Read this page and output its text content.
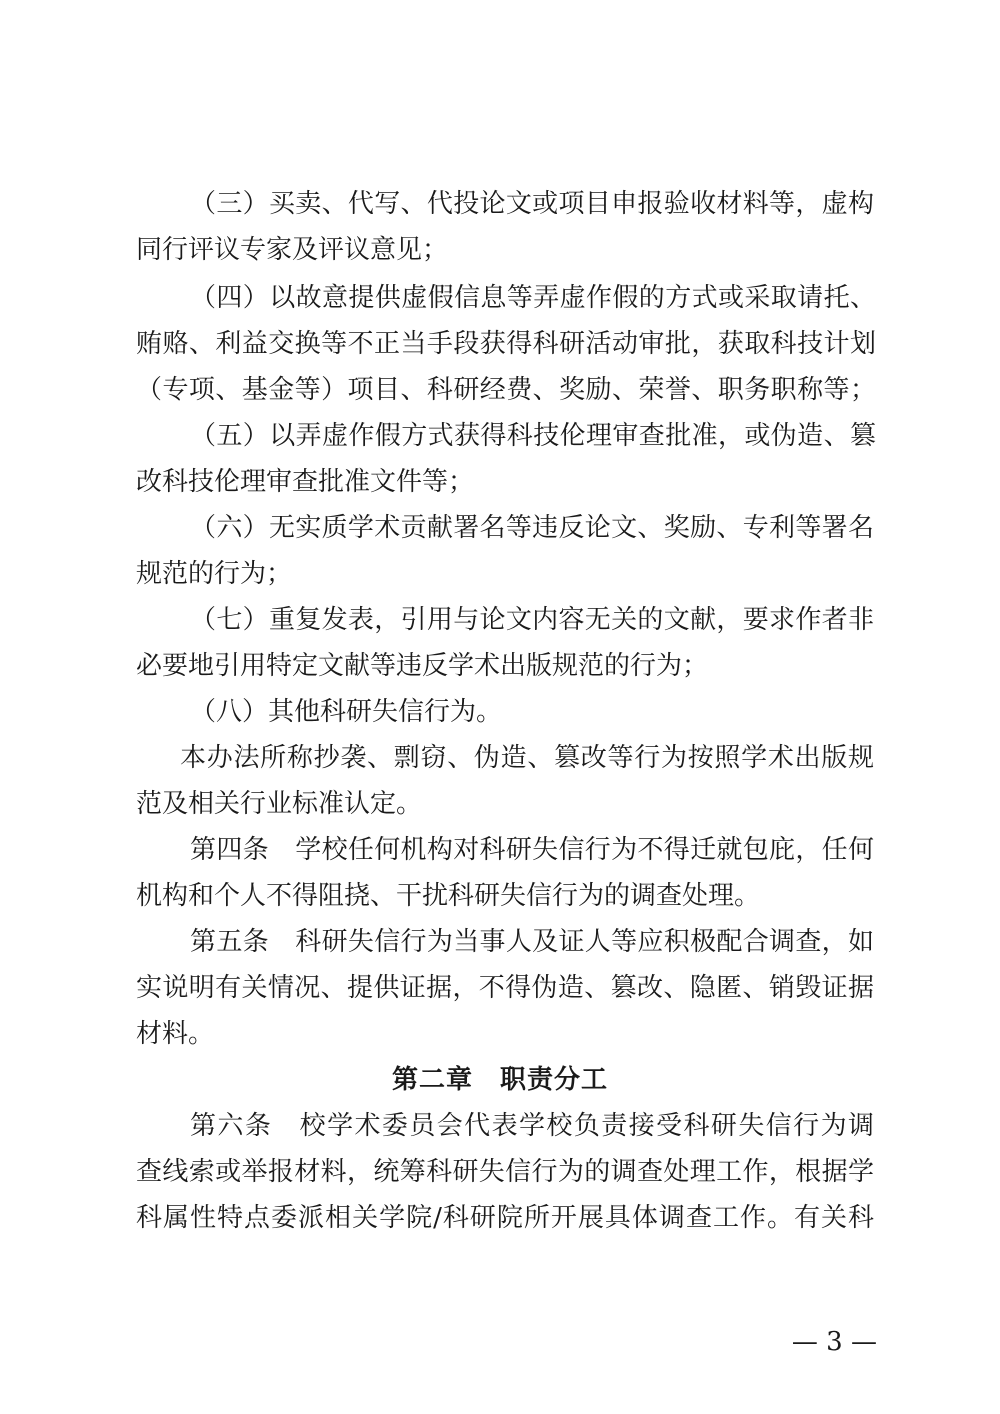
（三）买卖、代写、代投论文或项目申报验收材料等，虚构
同行评议专家及评议意见；
（四）以故意提供虚假信息等弄虚作假的方式或采取请托、
贿赂、利益交换等不正当手段获得科研活动审批，获取科技计划
（专项、基金等）项目、科研经费、奖励、荣誉、职务职称等；
（五）以弄虚作假方式获得科技伦理审查批准，或伪造、篡
改科技伦理审查批准文件等；
（六）无实质学术贡献署名等违反论文、奖励、专利等署名
规范的行为；
（七）重复发表，引用与论文内容无关的文献，要求作者非
必要地引用特定文献等违反学术出版规范的行为；
（八）其他科研失信行为。
本办法所称抄袭、剽窃、伪造、篡改等行为按照学术出版规
范及相关行业标准认定。
第四条　学校任何机构对科研失信行为不得迁就包庇，任何
机构和个人不得阻挠、干扰科研失信行为的调查处理。
第五条　科研失信行为当事人及证人等应积极配合调查，如
实说明有关情况、提供证据，不得伪造、篡改、隐匿、销毁证据
材料。
第二章　职责分工
第六条　校学术委员会代表学校负责接受科研失信行为调
查线索或举报材料，统筹科研失信行为的调查处理工作，根据学
科属性特点委派相关学院/科研院所开展具体调查工作。有关科
— 3 —
